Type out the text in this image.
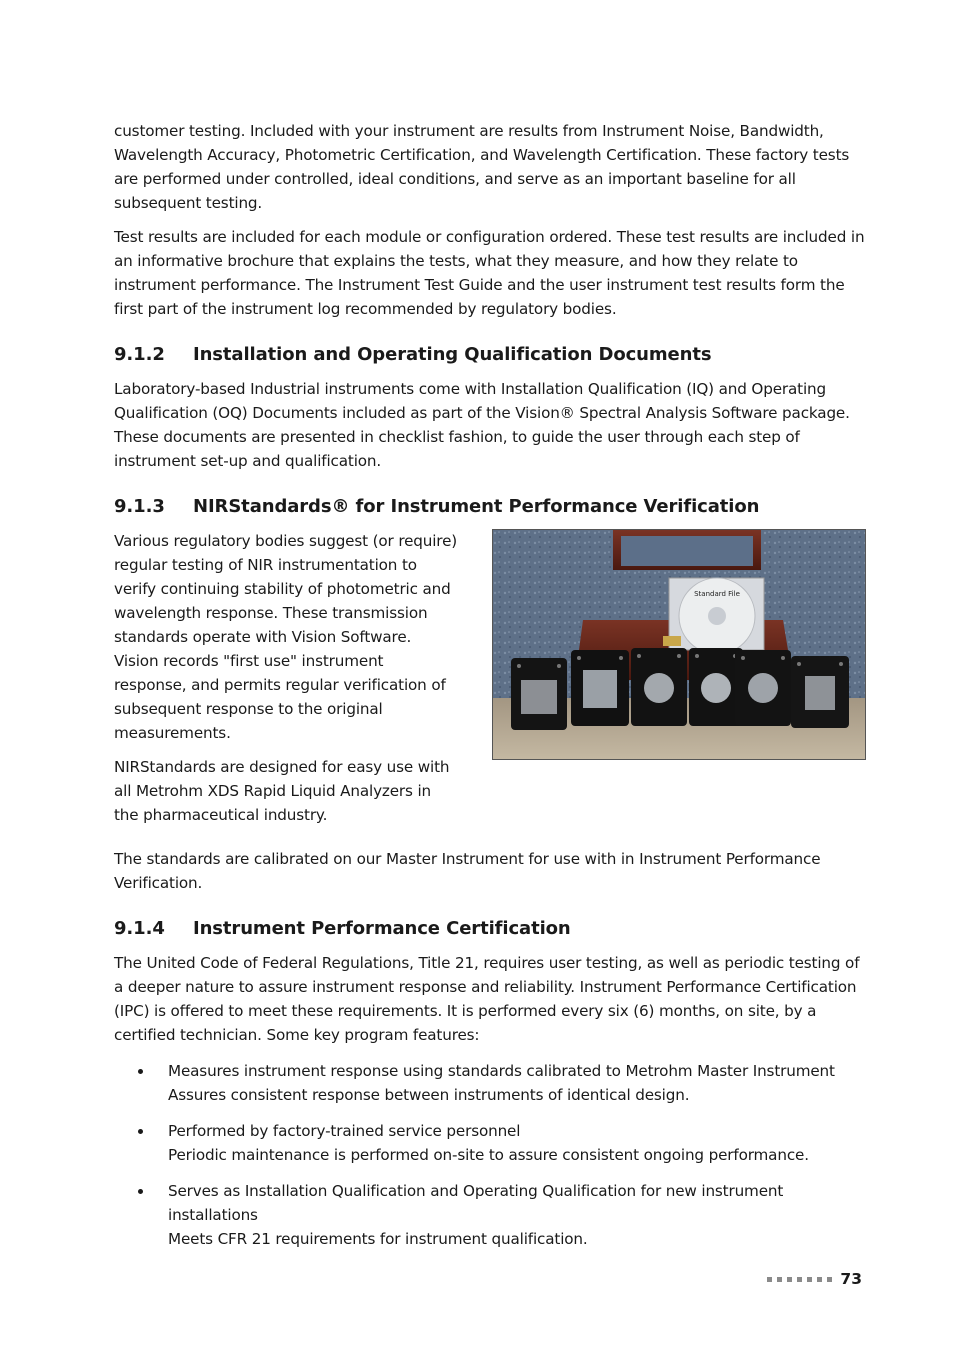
customer testing. Included with your instrument are results from Instrument Noise, Bandwidth, Wavelength Accuracy, Photometric Certification, and Wavelength Certification. These factory tests are performed under controlled, ideal conditions, and serve as an important baseline for all subsequent testing.

Test results are included for each module or configuration ordered. These test results are included in an informative brochure that explains the tests, what they measure, and how they relate to instrument performance. The Instrument Test Guide and the user instrument test results form the first part of the instrument log recommended by regulatory bodies.

9.1.2	Installation and Operating Qualification Documents

Laboratory-based Industrial instruments come with Installation Qualification (IQ) and Operating Qualification (OQ) Documents included as part of the Vision® Spectral Analysis Software package. These documents are presented in checklist fashion, to guide the user through each step of instrument set-up and qualification.

9.1.3	NIRStandards® for Instrument Performance Verification

Various regulatory bodies suggest (or require) regular testing of NIR instrumentation to verify continuing stability of photometric and wavelength response. These transmission standards operate with Vision Software. Vision records "first use" instrument response, and permits regular verification of subsequent response to the original measurements.

NIRStandards are designed for easy use with all Metrohm XDS Rapid Liquid Analyzers in the pharmaceutical industry.

Standard File

The standards are calibrated on our Master Instrument for use with in Instrument Performance Verification.

9.1.4	Instrument Performance Certification

The United Code of Federal Regulations, Title 21, requires user testing, as well as periodic testing of a deeper nature to assure instrument response and reliability. Instrument Performance Certification (IPC) is offered to meet these requirements. It is performed every six (6) months, on site, by a certified technician. Some key program features:

Measures instrument response using standards calibrated to Metrohm Master Instrument
Assures consistent response between instruments of identical design.
Performed by factory-trained service personnel
Periodic maintenance is performed on-site to assure consistent ongoing performance.
Serves as Installation Qualification and Operating Qualification for new instrument installations
Meets CFR 21 requirements for instrument qualification.
73
